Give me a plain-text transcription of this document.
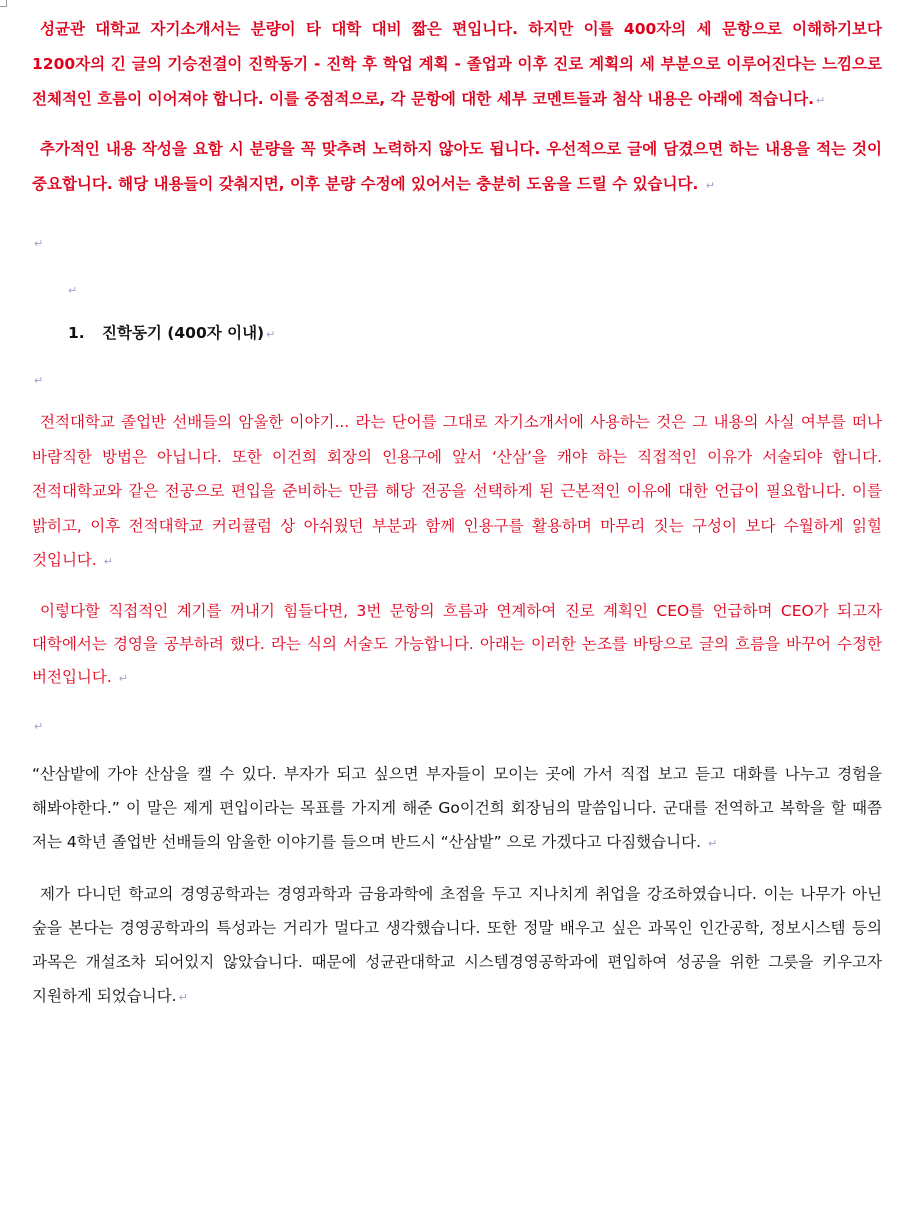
성균관 대학교 자기소개서는 분량이 타 대학 대비 짧은 편입니다. 하지만 이를 400자의 세 문항으로 이해하기보다 1200자의 긴 글의 기승전결이 진학동기 - 진학 후 학업 계획 - 졸업과 이후 진로 계획의 세 부분으로 이루어진다는 느낌으로 전체적인 흐름이 이어져야 합니다. 이를 중점적으로, 각 문항에 대한 세부 코멘트들과 첨삭 내용은 아래에 적습니다. ↵

추가적인 내용 작성을 요함 시 분량을 꼭 맞추려 노력하지 않아도 됩니다. 우선적으로 글에 담겼으면 하는 내용을 적는 것이 중요합니다. 해당 내용들이 갖춰지면, 이후 분량 수정에 있어서는 충분히 도움을 드릴 수 있습니다. ↵

↵
↵
1. 진학동기 (400자 이내) ↵
↵

전적대학교 졸업반 선배들의 암울한 이야기... 라는 단어를 그대로 자기소개서에 사용하는 것은 그 내용의 사실 여부를 떠나 바람직한 방법은 아닙니다. 또한 이건희 회장의 인용구에 앞서 ‘산삼’을 캐야 하는 직접적인 이유가 서술되야 합니다. 전적대학교와 같은 전공으로 편입을 준비하는 만큼 해당 전공을 선택하게 된 근본적인 이유에 대한 언급이 필요합니다. 이를 밝히고, 이후 전적대학교 커리큘럼 상 아쉬웠던 부분과 함께 인용구를 활용하며 마무리 짓는 구성이 보다 수월하게 읽힐 것입니다. ↵

이렇다할 직접적인 계기를 꺼내기 힘들다면, 3번 문항의 흐름과 연계하여 진로 계획인 CEO를 언급하며 CEO가 되고자 대학에서는 경영을 공부하려 했다. 라는 식의 서술도 가능합니다. 아래는 이러한 논조를 바탕으로 글의 흐름을 바꾸어 수정한 버전입니다. ↵

↵

“산삼밭에 가야 산삼을 캘 수 있다. 부자가 되고 싶으면 부자들이 모이는 곳에 가서 직접 보고 듣고 대화를 나누고 경험을 해봐야한다.” 이 말은 제게 편입이라는 목표를 가지게 해준 Go이건희 회장님의 말씀입니다. 군대를 전역하고 복학을 할 때쯤 저는 4학년 졸업반 선배들의 암울한 이야기를 들으며 반드시 “산삼밭” 으로 가겠다고 다짐했습니다. ↵

제가 다니던 학교의 경영공학과는 경영과학과 금융과학에 초점을 두고 지나치게 취업을 강조하였습니다. 이는 나무가 아닌 숲을 본다는 경영공학과의 특성과는 거리가 멀다고 생각했습니다. 또한 정말 배우고 싶은 과목인 인간공학, 정보시스템 등의 과목은 개설조차 되어있지 않았습니다. 때문에 성균관대학교 시스템경영공학과에 편입하여 성공을 위한 그릇을 키우고자 지원하게 되었습니다. ↵
